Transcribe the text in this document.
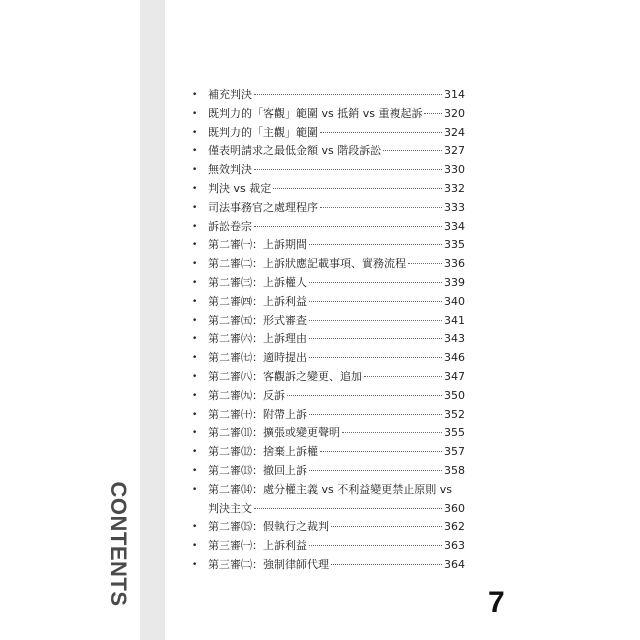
CONTENTS
• 補充判決	314
• 既判力的「客觀」範圍 vs 抵銷 vs 重複起訴 320
• 既判力的「主觀」範圍	324
• 僅表明請求之最低金額 vs 階段訴訟	327
• 無效判決	330
• 判決 vs 裁定	332
• 司法事務官之處理程序	333
• 訴訟卷宗	334
• 第二審㈠：上訴期間	335
• 第二審㈡：上訴狀應記載事項、實務流程	336
• 第二審㈢：上訴權人	339
• 第二審㈣：上訴利益	340
• 第二審㈤：形式審查	341
• 第二審㈥：上訴理由	343
• 第二審㈦：適時提出	346
• 第二審㈧：客觀訴之變更、追加	347
• 第二審㈨：反訴	350
• 第二審㈩：附帶上訴	352
• 第二審⑾：擴張或變更聲明	355
• 第二審⑿：捨棄上訴權	357
• 第二審⒀：撤回上訴	358
• 第二審⒁：處分權主義 vs 不利益變更禁止原則 vs
判決主文	360
• 第二審⒂：假執行之裁判	362
• 第三審㈠：上訴利益	363
• 第三審㈡：強制律師代理	364
7
